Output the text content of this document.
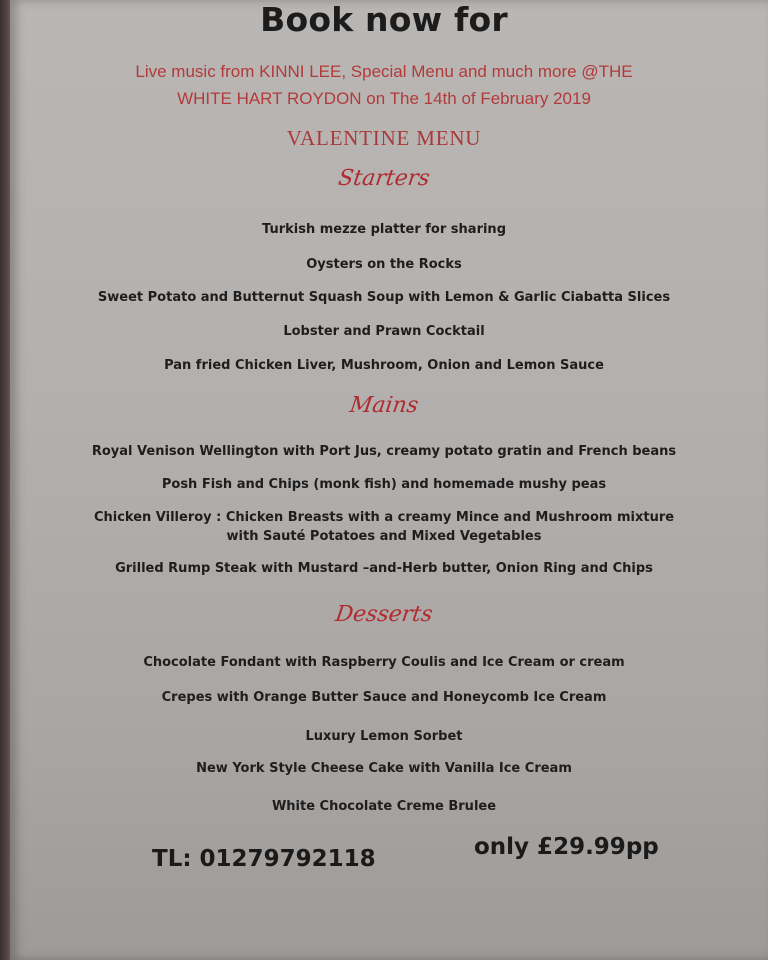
Book now for

Live music from KINNI LEE, Special Menu and much more @THE

WHITE HART ROYDON on The 14th of February 2019

VALENTINE MENU

Starters

Turkish mezze platter for sharing

Oysters on the Rocks

Sweet Potato and Butternut Squash Soup with Lemon & Garlic Ciabatta Slices

Lobster and Prawn Cocktail

Pan fried Chicken Liver, Mushroom, Onion and Lemon Sauce

Mains

Royal Venison Wellington with Port Jus, creamy potato gratin and French beans

Posh Fish and Chips (monk fish) and homemade mushy peas

Chicken Villeroy : Chicken Breasts with a creamy Mince and Mushroom mixture

with Sauté Potatoes and Mixed Vegetables

Grilled Rump Steak with Mustard –and-Herb butter, Onion Ring and Chips

Desserts

Chocolate Fondant with Raspberry Coulis and Ice Cream or cream

Crepes with Orange Butter Sauce and Honeycomb Ice Cream

Luxury Lemon Sorbet

New York Style Cheese Cake with Vanilla Ice Cream

White Chocolate Creme Brulee

TL: 01279792118	only £29.99pp
